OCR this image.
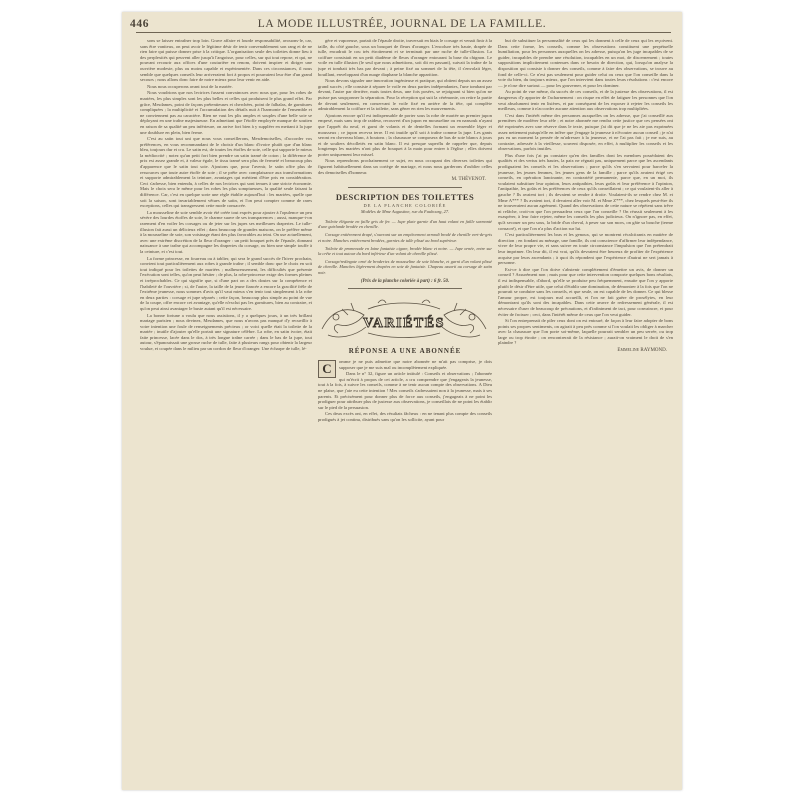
446	LA MODE ILLUSTRÉE, JOURNAL DE LA FAMILLE.

sons se laisser entraîner trop loin. Grave affaire et lourde responsabilité, avouons-le, car, sans être vaniteux, on peut avoir le légitime désir de tenir convenablement son rang et de ne rien faire qui puisse donner prise à la critique. L'organisation seule des toilettes donne lieu à des perplexités qui peuvent aller jusqu'à l'angoisse, pour celles, sur qui tout repose, et qui, ne pouvant recourir aux offices d'une couturière en renom, doivent inspirer et diriger une ouvrière modeste, plus ou moins capable et expérimentée. Dans ces circonstances, il nous semble que quelques conseils leur arriveraient fort à propos et pourraient leur être d'un grand secours ; nous allons donc faire de notre mieux pour leur venir en aide.

Nous nous occuperons avant tout de la mariée.

Nous voudrions que nos lectrices fussent convaincues avec nous que, pour les robes de mariées, les plus simples sont les plus belles et celles qui produisent le plus grand effet. Par grâce, Mesdames, point de façons prétentieuses et cherchées, point de falbalas, de garnitures compliquées ; la multiplicité et l'accumulation des détails nuit à l'harmonie de l'ensemble et ne conviennent pas au caractère. Rien ne vaut les plis amples et souples d'une belle soie se déployant en une traîne majestueuse. En admettant que l'étoffe employée manque de soutien en raison de sa qualité un peu inférieure, on arrive fort bien à y suppléer en mettant à la jupe une doublure en plein, bien ferme.

C'est au satin tout uni que nous vous conseillerons, Mesdemoiselles, d'accorder vos préférences, en vous recommandant de le choisir d'un blanc d'ivoire plutôt que d'un blanc bleu, toujours dur et cru. Le satin est, de toutes les étoffes de soie, celle qui supporte le mieux la médiocrité ; notez qu'un petit fort bien prendre un satin tramé de coton ; la différence de prix est assez grande et, à valeur égale, le tissu tramé sera plus de fermeté et beaucoup plus d'apparence que le satin tout soie. Ajoutons que, pour l'avenir, le satin offre plus de ressources que toute autre étoffe de soie ; il se prête avec complaisance aux transformations et supporte admirablement la teinture, avantages qui méritent d'être pris en considération. Ceci s'adresse, bien entendu, à celles de nos lectrices qui sont tenues à une stricte économie. Mais le choix sera le même pour les robes les plus somptueuses, la qualité seule faisant la différence. Car, c'est en quelque sorte une règle établie aujourd'hui : les mariées, quelle que soit la saison, sont invariablement vêtues de satin, et l'on peut compter comme de rares exceptions, celles qui transgressent cette mode consacrée.

La mousseline de soie semble avoir été créée tout exprès pour ajouter à l'opulence un peu sévère des lourdes étoffes de soie, le charme suave de ses transparences ; aussi, manque-t-on rarement d'en voiler les corsages ou de jeter sur les jupes ses meilleures draperies. Le tulle-illusion fait aussi un délicieux effet ; dans beaucoup de grandes maisons, on le préfère même à la mousseline de soie, son voisinage étant des plus favorables au teint. On use actuellement, avec une extrême discrétion de la fleur d'oranger : un petit bouquet près de l'épaule, donnant naissance à une traîne qui accompagne les draperies du corsage, ou bien une simple touffe à la ceinture, et c'est tout.

La forme princesse, en fourreau ou à tablier, qui sera le grand succès de l'hiver prochain, convient tout particulièrement aux robes à grande traîne ; il semble donc que le choix en soit tout indiqué pour les toilettes de mariées ; malheureusement, les difficultés que présente l'exécution sont telles, qu'on peut hésiter ; de plus, la robe-princesse exige des formes pleines et irréprochables. Ce qui signifie que, si d'une part on a des doutes sur la compétence et l'habileté de l'ouvrière ; si, de l'autre, la taille de la jeune fiancée a encore la gracilité frêle de l'extrême jeunesse, nous sommes d'avis qu'il vaut mieux s'en tenir tout simplement à la robe en deux parties : corsage et jupe séparés ; cette façon, beaucoup plus simple au point de vue de la coupe, offre encore cet avantage, qu'elle n'exclut pas les garnitures, bien au contraire, et qu'on peut ainsi avantager le buste autant qu'il est nécessaire.

La bonne fortune a voulu que nous assistions, il y a quelques jours, à un très brillant mariage parisien ; nous devinez, Mesdames, que nous n'avons pas manqué d'y recueillir à votre intention une foule de renseignements précieux ; or voici quelle était la toilette de la mariée ; inutile d'ajouter qu'elle portait une signature célèbre. La robe, en satin ivoire, était faite princesse, lacée dans le dos, à très longue traîne carrée ; dans le bas de la jupe, tout autour, s'épanouissait une grosse ruche de tulle, faite à plusieurs rangs pour obtenir la largeur voulue, et coupée dans le milieu par un cordon de fleur d'oranger. Une écharpe de tulle, lé-

gère et vaporeuse, partait de l'épaule droite, traversait en biais le corsage et venait finir à la taille, du côté gauche, sous un bouquet de fleurs d'oranger. L'encolure très haute, drapée de tulle, encadrait le cou très étroitement et se terminait par une ruche de tulle-illusion. La coiffure consistait en un petit diadème de fleurs d'oranger entourant la base du chignon. Le voile en tulle illusion (le seul que nous admettions, soit dit en passant), suivait la traîne de la jupe et tombait très bas par devant ; à peine fixé au sommet de la tête, il s'envolait léger, bouillant, enveloppant d'un nuage diaphane la blanche apparition.

Nous devons signaler une innovation ingénieuse et pratique, qui obtient depuis un an assez grand succès ; elle consiste à séparer le voile en deux parties indépendantes, l'une tombant par devant, l'autre par derrière, mais toutes deux, une fois posées, se rejoignant si bien qu'on ne puisse pas soupçonner la séparation. Pour la réception qui suit la cérémonie, on retire la partie de devant seulement, en conservant le voile fixé en arrière de la tête, qui complète admirablement la coiffure et la toilette, sans gêner en rien les mouvements.

Ajoutons encore qu'il est indispensable de porter sous la robe de mariée un premier jupon empesé, mais sans trop de raideur, recouvert d'un jupon en mousseline ou en nansouk n'ayant que l'apprêt du neuf, et garni de volants et de dentelles formant un ensemble léger et mousseux ; ce jupon recevra terre. Il est inutile qu'il soit à traîne comme la jupe. Les gants seront en chevreau blanc, à boutons ; la chaussure se composera de bas de soie blancs à jours et de souliers décolletés en satin blanc. Il est presque superflu de rappeler que, depuis longtemps les mariées n'ont plus de bouquet à la main pour entrer à l'église ; elles doivent porter uniquement leur missel.

Nous reprendrons prochainement ce sujet, en nous occupant des diverses toilettes qui figurent habituellement dans un cortège de mariage, et nous nous garderons d'oublier celles des demoiselles d'honneur.

M. THÉVENOT.
DESCRIPTION DES TOILETTES
DE LA PLANCHE COLORIÉE
Modèles de Mme Augustine, rue du Faubourg, 27.
Toilette élégante en faille gris de fer. — Jupe plate garnie d'un haut volant en faille surmonté d'une guirlande brodée en chenille.
Corsage entièrement drapé, s'ouvrant sur un empiècement arrondi brodé de chenille vert-de-gris et noire. Manches entièrement brodées, garnies de tulle plissé au bord supérieur.
Toilette de promenade en laine fantaisie cigare, brodée blanc et noire. — Jupe ornée, entre sur la crête et tout autour du bord inférieur d'un volant de chenille plissé.
Corsage/redingote orné de broderies de mousseline de soie blanche, et garni d'un volant plissé de chenille. Manches légèrement drapées en soie de fantaisie. Chapeau assorti au corsage de satin noir.
(Prix de la planche coloriée à part) : 6 fr. 50.
VARIÉTÉS
RÉPONSE A UNE ABONNÉE

C	omme je ne puis admettre que notre abonnée ne m'ait pas comprise, je dois supposer que je me suis mal ou incomplètement expliquée.

Dans le n° 32, figure un article intitulé : Conseils et observations ; l'abonnée qui m'écrit à propos de cet article, a cru comprendre que j'engageais la jeunesse, tout à la fois, à suivre les conseils, comme à ne tenir aucun compte des observations. A Dieu ne plaise, que j'aie eu cette intention ! Mes conseils s'adressaient non à la jeunesse, mais à ses parents. Et précisément pour donner plus de force aux conseils, j'engageais à ne point les prodiguer pour attribuer plus de justesse aux observations, je conseillais de ne point les établir sur le pied de la persuasion.

Ces deux excès ont, en effet, des résultats fâcheux : en ne tenant plus compte des conseils prodigués à jet continu, distribués sans qu'on les sollicite, ayant pour

but de substituer la personnalité de ceux qui les donnent à celle de ceux qui les reçoivent. Dans cette forme, les conseils, comme les observations constituent une perpétuelle humiliation, pour les personnes auxquelles on les adresse, puisqu'on les juge incapables de se guider, incapables de prendre une résolution, incapables en un mot, de discernement ; toutes suppositions implicitement contenues dans ce besoin de direction, qui, lorsqu'on analyse la disposition qui consiste à donner des conseils, comme à faire des observations, se trouve au fond de celle-ci. Ce n'est pas seulement pour guider celui ou ceux que l'on conseille dans la voie du bien, du toujours mieux, que l'on intervient dans toutes leurs résolutions : c'est encore — je n'ose dire surtout — pour les gouverner, et pour les dominer.

Au point de vue même, du succès de ces conseils, et de la justesse des observations, il est dangereux d'y apporter de l'acharnement : on risque en effet de fatiguer les personnes que l'on veut absolument tenir en lisières, et par conséquent de les exposer à rejeter les conseils les meilleurs, comme à n'accorder aucune attention aux observations trop multipliées.

C'est dans l'intérêt même des personnes auxquelles on les adresse, que j'ai conseillé aux premières de modérer leur zèle ; et notre abonnée me rendra cette justice que ces pensées ont été exprimées avec une réserve dans le texte, puisque j'ai dit que je ne les aie pas exprimées assez nettement puisqu'elle en infère que j'engage la jeunesse à n'écouter aucun conseil ; je n'ai pas eu un moment la pensée de m'adresser à la jeunesse, et ne l'ai pas fait ; je me suis, au contraire, adressée à la vieillesse, souvent disposée, en effet, à multiplier les conseils et les observations, parfois inutiles.

Plus d'une fois j'ai pu constater qu'en des familles dont les membres possédaient des qualités et des vertus très hautes, la paix ne régnait pas, uniquement parce que les ascendants prodiguaient les conseils et les observations ; parce qu'ils s'en servaient pour harceler la jeunesse, les jeunes femmes, les jeunes gens de la famille ; parce qu'ils avaient érigé ces conseils, en opération lancinante, en contrariété permanente, parce que, en un mot, ils voulaient substituer leur opinion, leurs antipathies, leurs goûts et leur préférence à l'opinion, l'antipathie, les goûts et les préférences de ceux qu'ils conseillaient ; ce qui voulaient-ils aller à gauche ? Ils avaient tort ; ils devaient se rendre à droite. Voulaient-ils se rendre chez M. et Mme A*** ? Ils avaient tort, il devaient aller voir M. et Mme Z***, chez lesquels peut-être ils ne trouveraient aucun agrément. Quand des observations de cette nature se répètent sans trêve ni relâche, croit-on que l'on persuadera ceux que l'on conseille ? On réussit seulement à les exaspérer, à leur faire rejeter, même les conseils les plus judicieux. On n'ignore pas, en effet, qu'à secouer un peu sous, la bride d'un cheval, à peser sur son mors, on gâte sa bouche (terme consacré), et que l'on n'a plus d'action sur lui.

C'est particulièrement les bras et les genoux, qui se montrent récalcitrants en matière de direction ; en fondant au ménage, une famille, ils ont conscience d'affirmer leur indépendance, vivre de leur propre vie, et sans suivre en toute circonstance l'impulsion que l'on prétendrait leur imprimer. On leur dit, il est vrai, qu'ils devraient être heureux de profiter de l'expérience acquise par leurs ascendants ; à quoi ils répondent que l'expérience d'autrui ne sert jamais à personne.

Est-ce à dire que l'on doive s'abstenir complètement d'émettre un avis, de donner un conseil ? Assurément non ; mais pour que cette intervention comporte quelques bons résultats, il est indispensable, d'abord, qu'elle se produise peu fréquemment, ensuite que l'on y apporte plutôt le désir d'être utile, que celui d'établir une domination, de démontrer à la fois que l'on ne pourrait se conduire sans les conseils, et que seule, on est capable de les donner. Ce qui blesse l'amour propre, est toujours mal accueilli, et l'on ne fait guère de prosélytes, en leur démontrant qu'ils sont des incapables. Dans cette œuvre de redressement générale, il est nécessaire d'user de beaucoup de précautions, et d'infiniment de tact, pour convaincre, et pour éviter de froisser ; ceci, dans l'intérêt même de ceux que l'on veut guider.

Si l'on entreprenait de piler ceux dont on est entouré, de façon à leur faire adopter de bons points ses propres sentiments, on agirait à peu près comme si l'on voulait les obliger à marcher avec la chaussure que l'on porte soi-même, laquelle pourrait sembler un peu serrée, ou trop large ou trop étroite ; on rencontrerait de la résistance ; aurait-on vraiment le droit de s'en plaindre ?

Emmeline RAYMOND.
